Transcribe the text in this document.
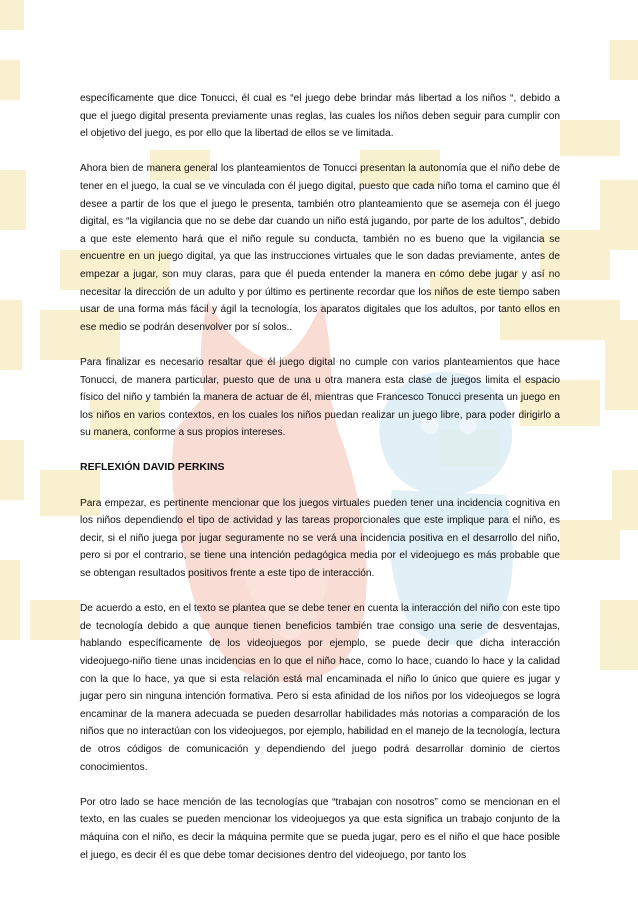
específicamente que dice Tonucci, él cual es “el juego debe brindar más libertad a los niños “, debido a que el juego digital presenta previamente unas reglas, las cuales los niños deben seguir para cumplir con el objetivo del juego, es por ello que la libertad de ellos se ve limitada.

Ahora bien de manera general los planteamientos de Tonucci presentan la autonomía que el niño debe de tener en el juego, la cual se ve vinculada con él juego digital, puesto que cada niño toma el camino que él desee a partir de los que el juego le presenta, también otro planteamiento que se asemeja con él juego digital, es “la vigilancia que no se debe dar cuando un niño está jugando, por parte de los adultos”, debido a que este elemento hará que el niño regule su conducta, también no es bueno que la vigilancia se encuentre en un juego digital, ya que las instrucciones virtuales que le son dadas previamente, antes de empezar a jugar, son muy claras, para que él pueda entender la manera en cómo debe jugar y así no necesitar la dirección de un adulto y por último es pertinente recordar que los niños de este tiempo saben usar de una forma más fácil y ágil la tecnología, los aparatos digitales que los adultos, por tanto ellos en ese medio se podrán desenvolver por sí solos..

Para finalizar es necesario resaltar que él juego digital no cumple con varios planteamientos que hace Tonucci, de manera particular, puesto que de una u otra manera esta clase de juegos limita el espacio físico del niño y también la manera de actuar de él, mientras que Francesco Tonucci presenta un juego en los niños en varios contextos, en los cuales los niños puedan realizar un juego libre, para poder dirigirlo a su manera, conforme a sus propios intereses.

REFLEXIÓN DAVID PERKINS

Para empezar, es pertinente mencionar que los juegos virtuales pueden tener una incidencia cognitiva en los niños dependiendo el tipo de actividad y las tareas proporcionales que este implique para el niño, es decir, si el niño juega por jugar seguramente no se verá una incidencia positiva en el desarrollo del niño, pero si por el contrario, se tiene una intención pedagógica media por el videojuego es más probable que se obtengan resultados positivos frente a este tipo de interacción.

De acuerdo a esto, en el texto se plantea que se debe tener en cuenta la interacción del niño con este tipo de tecnología debido a que aunque tienen beneficios también trae consigo una serie de desventajas, hablando específicamente de los videojuegos por ejemplo, se puede decir que dicha interacción videojuego-niño tiene unas incidencias en lo que el niño hace, como lo hace, cuando lo hace y la calidad con la que lo hace, ya que si esta relación está mal encaminada el niño lo único que quiere es jugar y jugar pero sin ninguna intención formativa. Pero si esta afinidad de los niños por los videojuegos se logra encaminar de la manera adecuada se pueden desarrollar habilidades más notorias a comparación de los niños que no interactúan con los videojuegos, por ejemplo, habilidad en el manejo de la tecnología, lectura de otros códigos de comunicación y dependiendo del juego podrá desarrollar dominio de ciertos conocimientos.

Por otro lado se hace mención de las tecnologías que “trabajan con nosotros” como se mencionan en el texto, en las cuales se pueden mencionar los videojuegos ya que esta significa un trabajo conjunto de la máquina con el niño, es decir la máquina permite que se pueda jugar, pero es el niño el que hace posible el juego, es decir él es que debe tomar decisiones dentro del videojuego, por tanto los
